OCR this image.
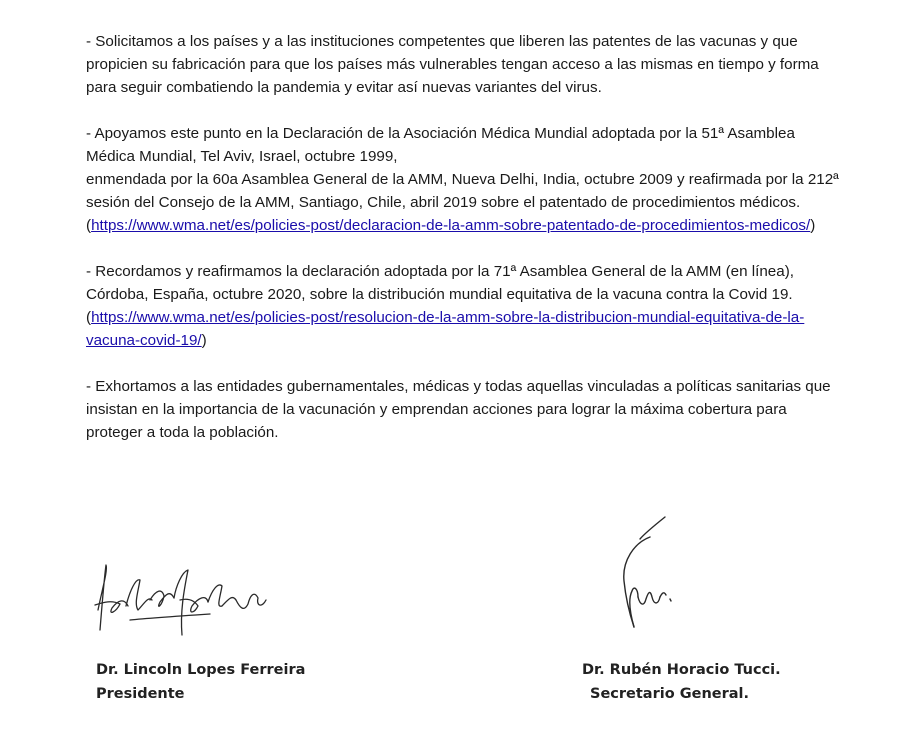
- Solicitamos a los países y a las instituciones competentes que liberen las patentes de las vacunas y que propicien su fabricación para que los países más vulnerables tengan acceso a las mismas en tiempo y forma para seguir combatiendo la pandemia y evitar así nuevas variantes del virus.

- Apoyamos este punto en la Declaración de la Asociación Médica Mundial adoptada por la 51ª Asamblea Médica Mundial, Tel Aviv, Israel, octubre 1999,
enmendada por la 60a Asamblea General de la AMM, Nueva Delhi, India, octubre 2009 y reafirmada por la 212ª sesión del Consejo de la AMM, Santiago, Chile, abril 2019 sobre el patentado de procedimientos médicos. (https://www.wma.net/es/policies-post/declaracion-de-la-amm-sobre-patentado-de-procedimientos-medicos/)

- Recordamos y reafirmamos la declaración adoptada por la 71ª Asamblea General de la AMM (en línea), Córdoba, España, octubre 2020, sobre la distribución mundial equitativa de la vacuna contra la Covid 19. (https://www.wma.net/es/policies-post/resolucion-de-la-amm-sobre-la-distribucion-mundial-equitativa-de-la-vacuna-covid-19/)

- Exhortamos a las entidades gubernamentales, médicas y todas aquellas vinculadas a políticas sanitarias que insistan en la importancia de la vacunación y emprendan acciones para lograr la máxima cobertura para proteger a toda la población.

Dr. Lincoln Lopes Ferreira
Presidente
Dr. Rubén Horacio Tucci.
Secretario General.
